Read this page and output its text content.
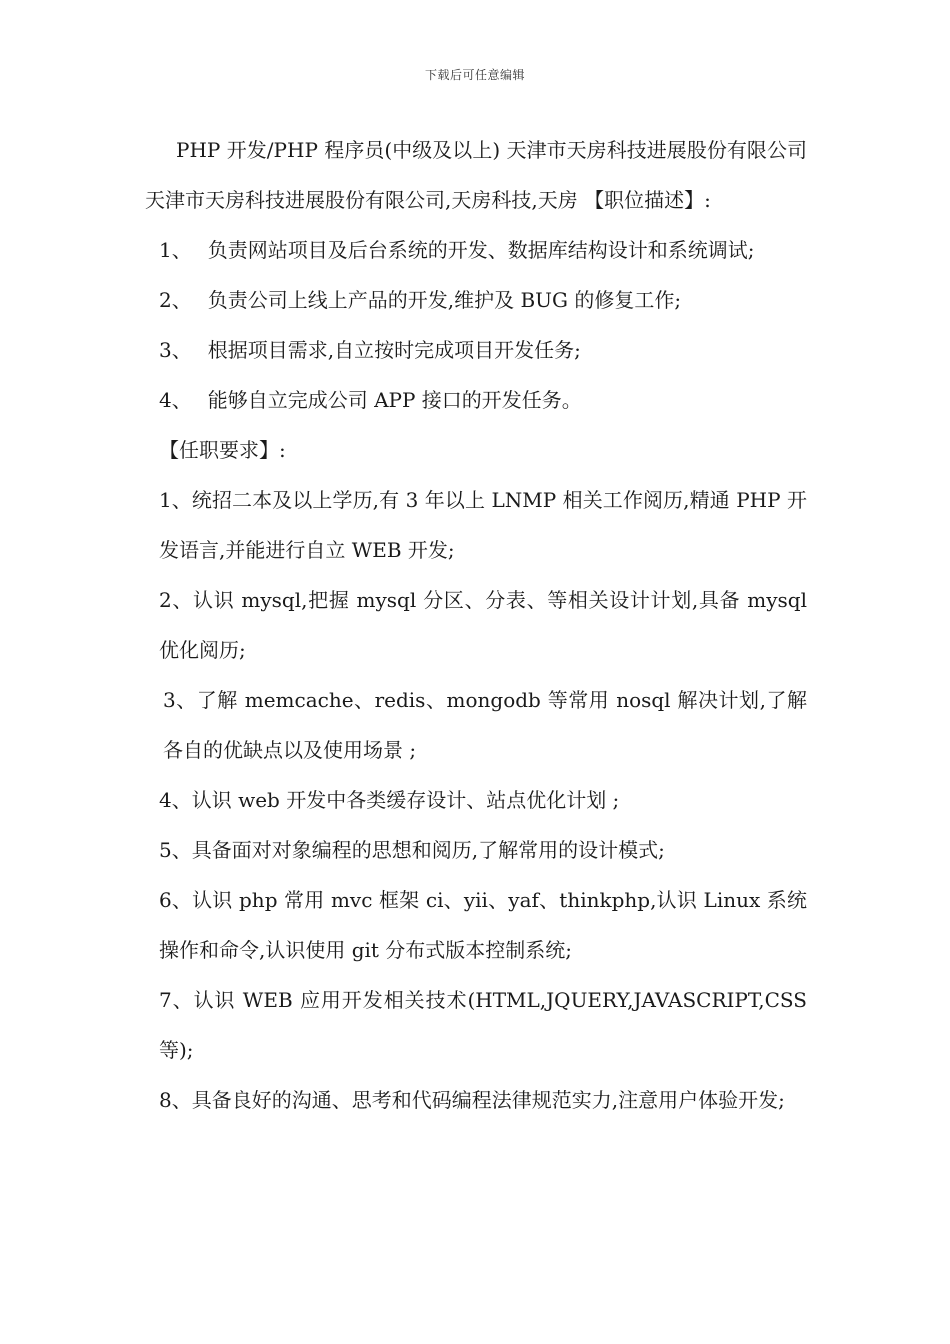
下载后可任意编辑

PHP 开发/PHP 程序员(中级及以上) 天津市天房科技进展股份有限公司 天津市天房科技进展股份有限公司,天房科技,天房 【职位描述】:

1、 负责网站项目及后台系统的开发、数据库结构设计和系统调试;

2、 负责公司上线上产品的开发,维护及 BUG 的修复工作;

3、 根据项目需求,自立按时完成项目开发任务;

4、 能够自立完成公司 APP 接口的开发任务。

【任职要求】:

1、统招二本及以上学历,有 3 年以上 LNMP 相关工作阅历,精通 PHP 开发语言,并能进行自立 WEB 开发;

2、认识 mysql,把握 mysql 分区、分表、等相关设计计划,具备 mysql 优化阅历;

3、了解 memcache、redis、mongodb 等常用 nosql 解决计划,了解各自的优缺点以及使用场景 ;

4、认识 web 开发中各类缓存设计、站点优化计划 ;

5、具备面对对象编程的思想和阅历,了解常用的设计模式;

6、认识 php 常用 mvc 框架 ci、yii、yaf、thinkphp,认识 Linux 系统操作和命令,认识使用 git 分布式版本控制系统;

7、认识 WEB 应用开发相关技术(HTML,JQUERY,JAVASCRIPT,CSS 等);

8、具备良好的沟通、思考和代码编程法律规范实力,注意用户体验开发;
